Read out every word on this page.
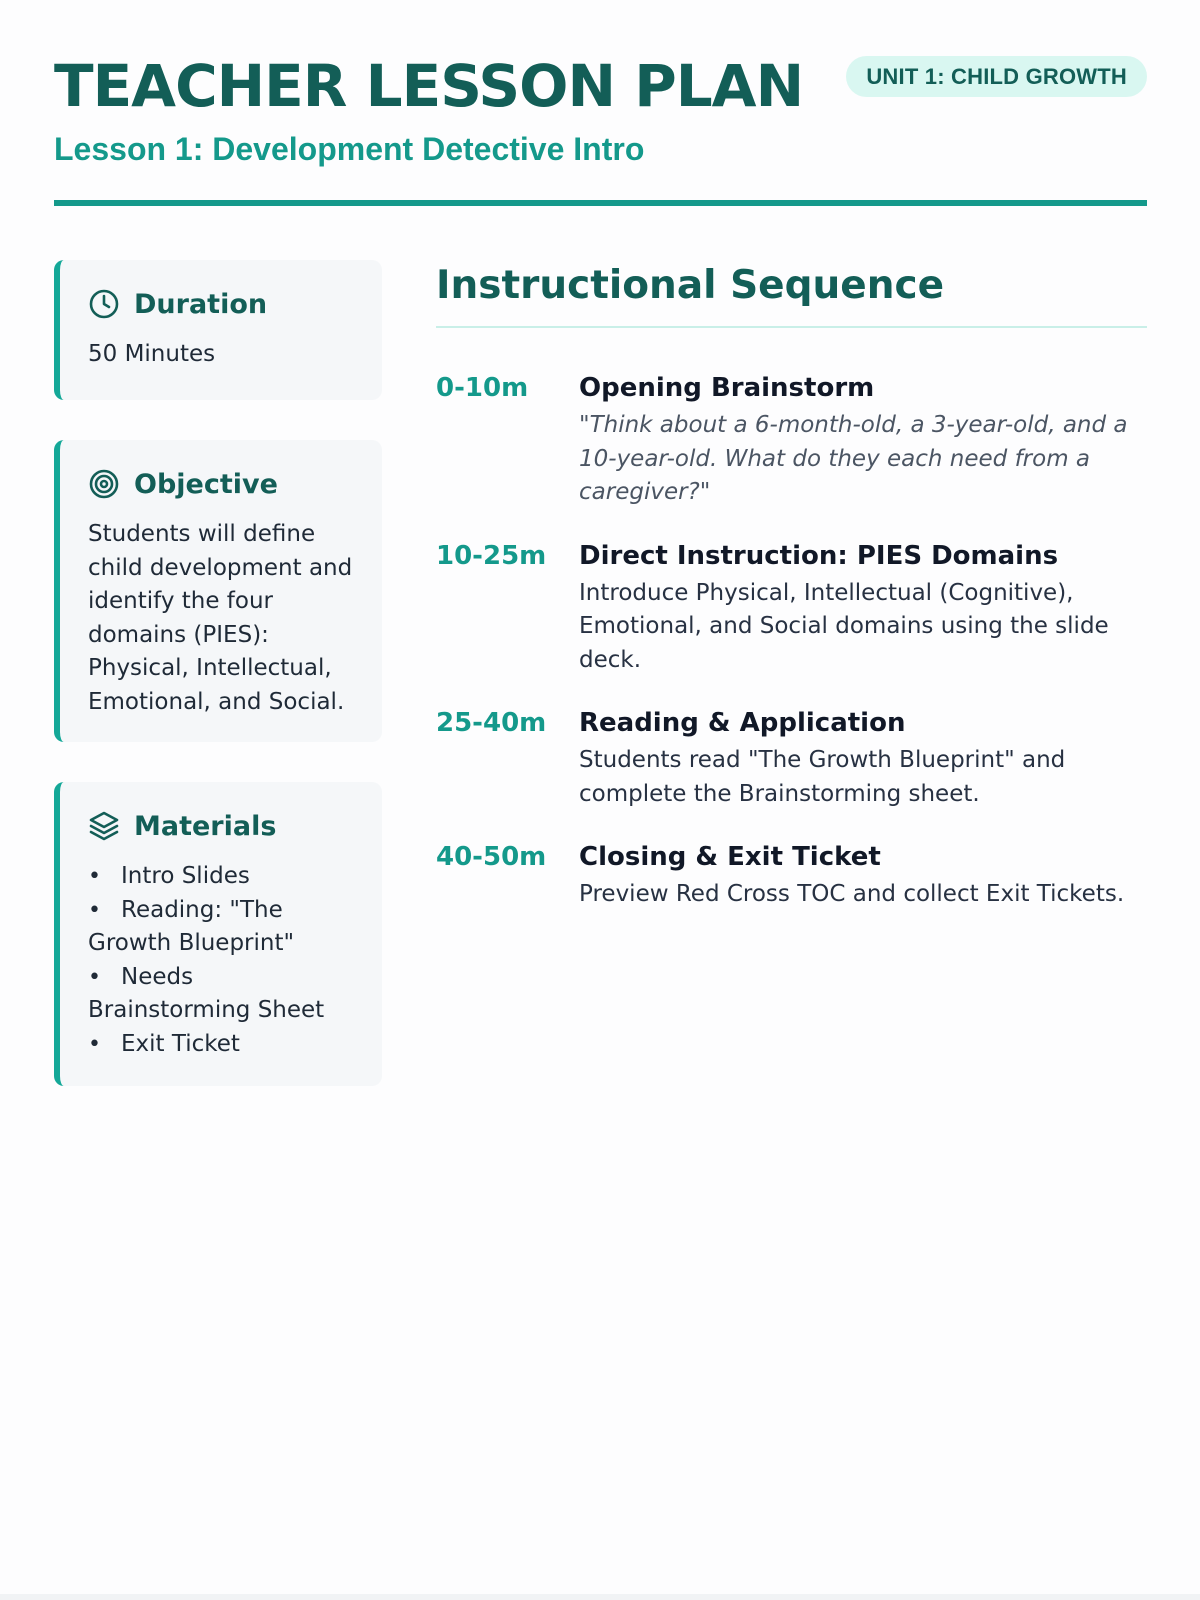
TEACHER LESSON PLAN	UNIT 1: CHILD GROWTH
Lesson 1: Development Detective Intro
Duration
50 Minutes
Objective
Students will define child development and identify the four domains (PIES): Physical, Intellectual, Emotional, and Social.
Materials
• Intro Slides
• Reading: "The Growth Blueprint"
• Needs Brainstorming Sheet
• Exit Ticket
Instructional Sequence
0-10m	Opening Brainstorm
"Think about a 6-month-old, a 3-year-old, and a 10-year-old. What do they each need from a caregiver?"
10-25m	Direct Instruction: PIES Domains
Introduce Physical, Intellectual (Cognitive), Emotional, and Social domains using the slide deck.
25-40m	Reading & Application
Students read "The Growth Blueprint" and complete the Brainstorming sheet.
40-50m	Closing & Exit Ticket
Preview Red Cross TOC and collect Exit Tickets.
